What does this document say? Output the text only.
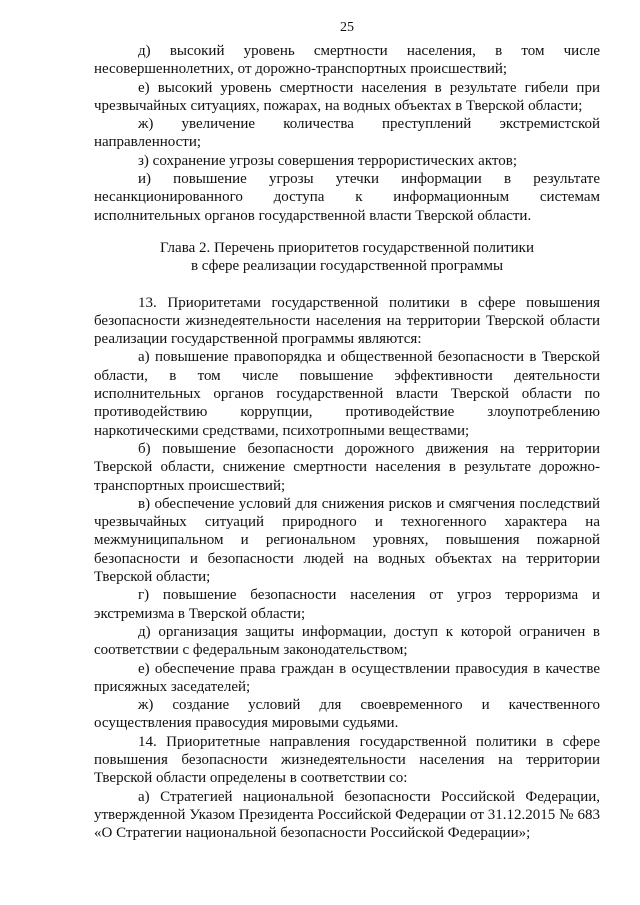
25

д) высокий уровень смертности населения, в том числе несовершеннолетних, от дорожно-транспортных происшествий;

е) высокий уровень смертности населения в результате гибели при чрезвычайных ситуациях, пожарах, на водных объектах в Тверской области;

ж) увеличение количества преступлений экстремистской направленности;

з) сохранение угрозы совершения террористических актов;

и) повышение угрозы утечки информации в результате несанкционированного доступа к информационным системам исполнительных органов государственной власти Тверской области.

Глава 2. Перечень приоритетов государственной политики
в сфере реализации государственной программы

13. Приоритетами государственной политики в сфере повышения безопасности жизнедеятельности населения на территории Тверской области реализации государственной программы являются:

а) повышение правопорядка и общественной безопасности в Тверской области, в том числе повышение эффективности деятельности исполнительных органов государственной власти Тверской области по противодействию коррупции, противодействие злоупотреблению наркотическими средствами, психотропными веществами;

б) повышение безопасности дорожного движения на территории Тверской области, снижение смертности населения в результате дорожно-транспортных происшествий;

в) обеспечение условий для снижения рисков и смягчения последствий чрезвычайных ситуаций природного и техногенного характера на межмуниципальном и региональном уровнях, повышения пожарной безопасности и безопасности людей на водных объектах на территории Тверской области;

г) повышение безопасности населения от угроз терроризма и экстремизма в Тверской области;

д) организация защиты информации, доступ к которой ограничен в соответствии с федеральным законодательством;

е) обеспечение права граждан в осуществлении правосудия в качестве присяжных заседателей;

ж) создание условий для своевременного и качественного осуществления правосудия мировыми судьями.

14. Приоритетные направления государственной политики в сфере повышения безопасности жизнедеятельности населения на территории Тверской области определены в соответствии со:

а) Стратегией национальной безопасности Российской Федерации, утвержденной Указом Президента Российской Федерации от 31.12.2015 № 683 «О Стратегии национальной безопасности Российской Федерации»;
